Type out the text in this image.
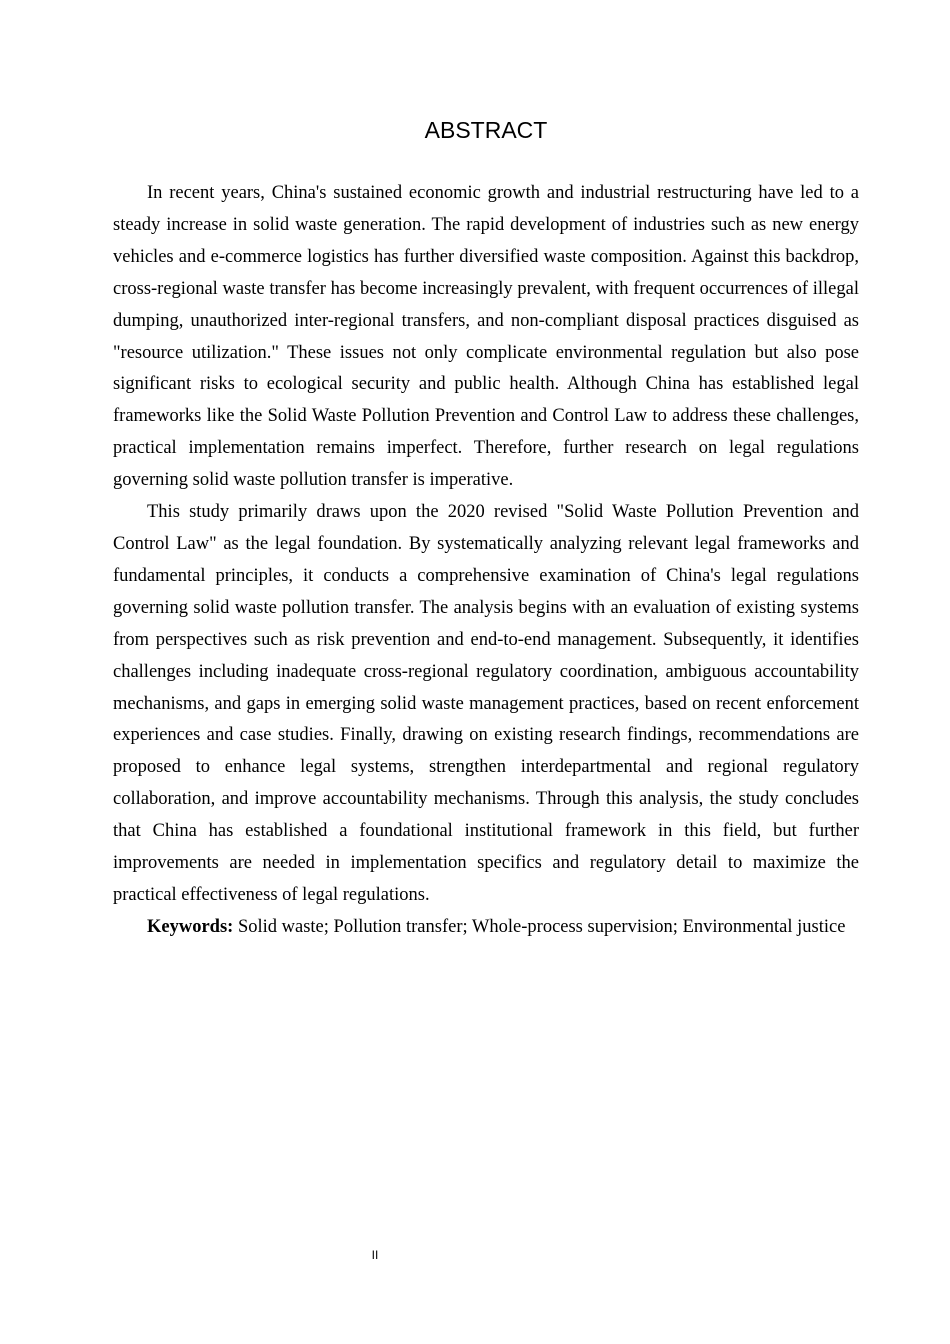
ABSTRACT

In recent years, China's sustained economic growth and industrial restructuring have led to a steady increase in solid waste generation. The rapid development of industries such as new energy vehicles and e-commerce logistics has further diversified waste composition. Against this backdrop, cross-regional waste transfer has become increasingly prevalent, with frequent occurrences of illegal dumping, unauthorized inter-regional transfers, and non-compliant disposal practices disguised as "resource utilization." These issues not only complicate environmental regulation but also pose significant risks to ecological security and public health. Although China has established legal frameworks like the Solid Waste Pollution Prevention and Control Law to address these challenges, practical implementation remains imperfect. Therefore, further research on legal regulations governing solid waste pollution transfer is imperative.

This study primarily draws upon the 2020 revised "Solid Waste Pollution Prevention and Control Law" as the legal foundation. By systematically analyzing relevant legal frameworks and fundamental principles, it conducts a comprehensive examination of China's legal regulations governing solid waste pollution transfer. The analysis begins with an evaluation of existing systems from perspectives such as risk prevention and end-to-end management. Subsequently, it identifies challenges including inadequate cross-regional regulatory coordination, ambiguous accountability mechanisms, and gaps in emerging solid waste management practices, based on recent enforcement experiences and case studies. Finally, drawing on existing research findings, recommendations are proposed to enhance legal systems, strengthen interdepartmental and regional regulatory collaboration, and improve accountability mechanisms. Through this analysis, the study concludes that China has established a foundational institutional framework in this field, but further improvements are needed in implementation specifics and regulatory detail to maximize the practical effectiveness of legal regulations.

Keywords: Solid waste; Pollution transfer; Whole-process supervision; Environmental justice

II
